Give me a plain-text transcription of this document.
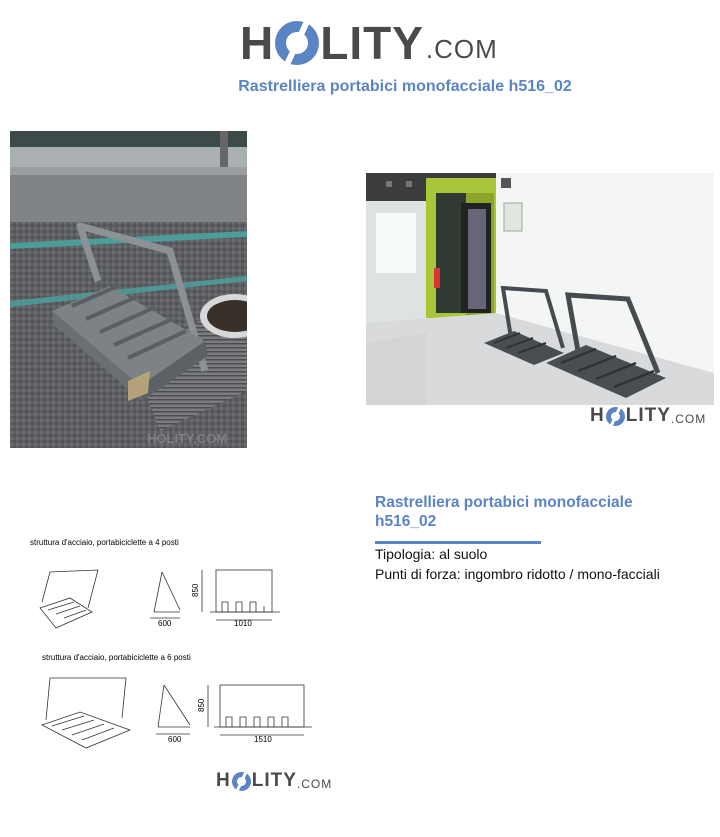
H LITY .COM
Rastrelliera portabici monofacciale h516_02
HOLITY.COM
H LITY .COM
Rastrelliera portabici monofacciale h516_02
Tipologia: al suolo
Punti di forza: ingombro ridotto / mono-facciali
struttura d'acciaio, portabiciclette a 4 posti
850
600	1010
struttura d'acciaio, portabiciclette a 6 posti
850
600	1510
H LITY .COM
